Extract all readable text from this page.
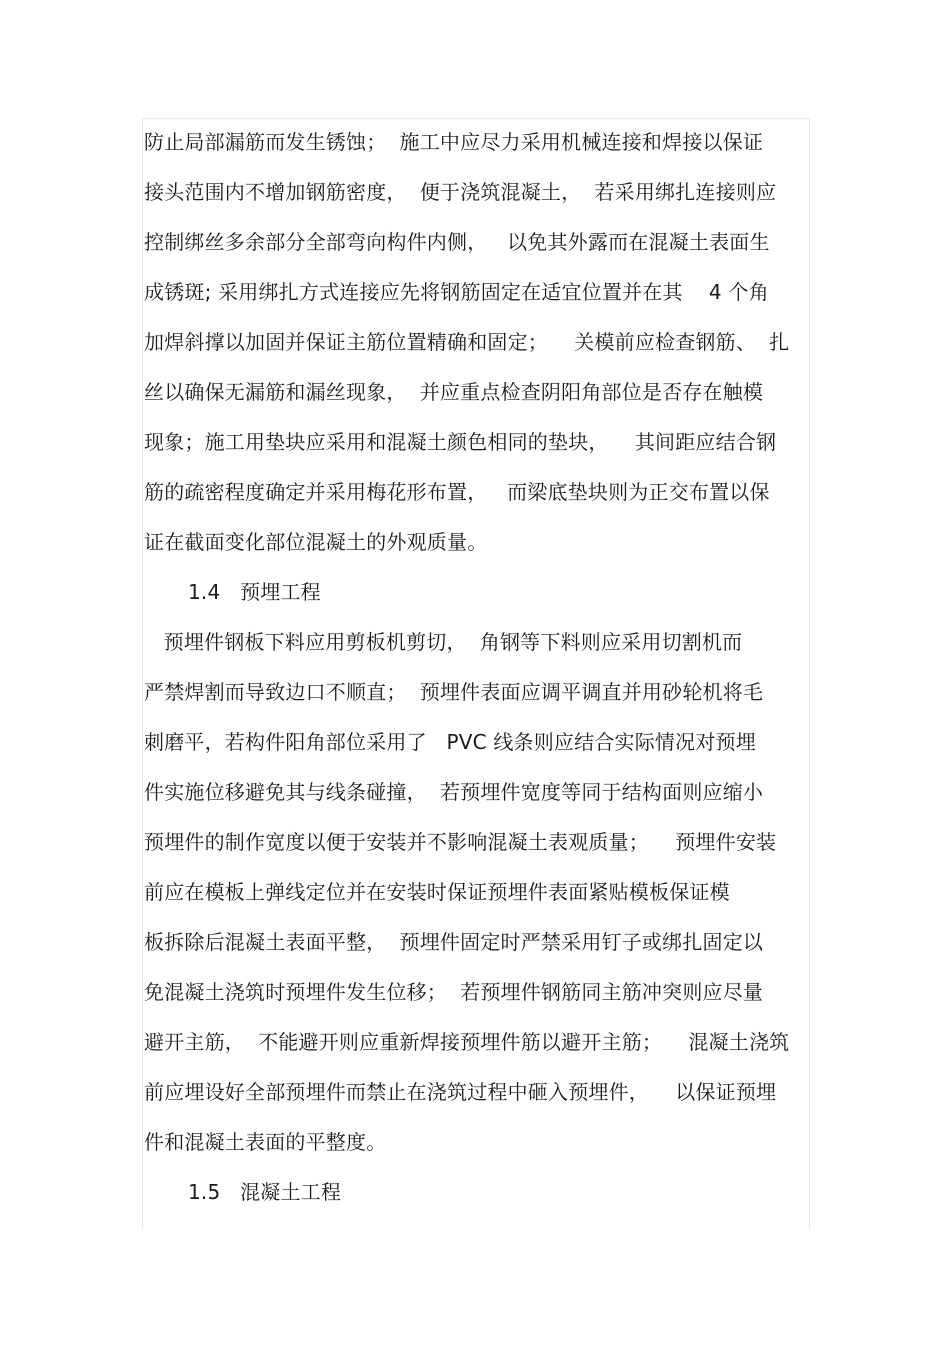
防止局部漏筋而发生锈蚀；  施工中应尽力采用机械连接和焊接以保证
接头范围内不增加钢筋密度，  便于浇筑混凝土，  若采用绑扎连接则应
控制绑丝多余部分全部弯向构件内侧，   以免其外露而在混凝土表面生
成锈斑; 采用绑扎方式连接应先将钢筋固定在适宜位置并在其    4 个角
加焊斜撑以加固并保证主筋位置精确和固定；    关模前应检查钢筋、  扎
丝以确保无漏筋和漏丝现象，  并应重点检查阴阳角部位是否存在触模
现象；施工用垫块应采用和混凝土颜色相同的垫块，    其间距应结合钢
筋的疏密程度确定并采用梅花形布置，   而梁底垫块则为正交布置以保
证在截面变化部位混凝土的外观质量。
1.4   预埋工程
预埋件钢板下料应用剪板机剪切，  角钢等下料则应采用切割机而
严禁焊割而导致边口不顺直；  预埋件表面应调平调直并用砂轮机将毛
刺磨平，若构件阳角部位采用了   PVC 线条则应结合实际情况对预埋
件实施位移避免其与线条碰撞，  若预埋件宽度等同于结构面则应缩小
预埋件的制作宽度以便于安装并不影响混凝土表观质量；    预埋件安装
前应在模板上弹线定位并在安装时保证预埋件表面紧贴模板保证模
板拆除后混凝土表面平整，  预埋件固定时严禁采用钉子或绑扎固定以
免混凝土浇筑时预埋件发生位移；  若预埋件钢筋同主筋冲突则应尽量
避开主筋，  不能避开则应重新焊接预埋件筋以避开主筋；    混凝土浇筑
前应埋设好全部预埋件而禁止在浇筑过程中砸入预埋件，    以保证预埋
件和混凝土表面的平整度。
1.5   混凝土工程
